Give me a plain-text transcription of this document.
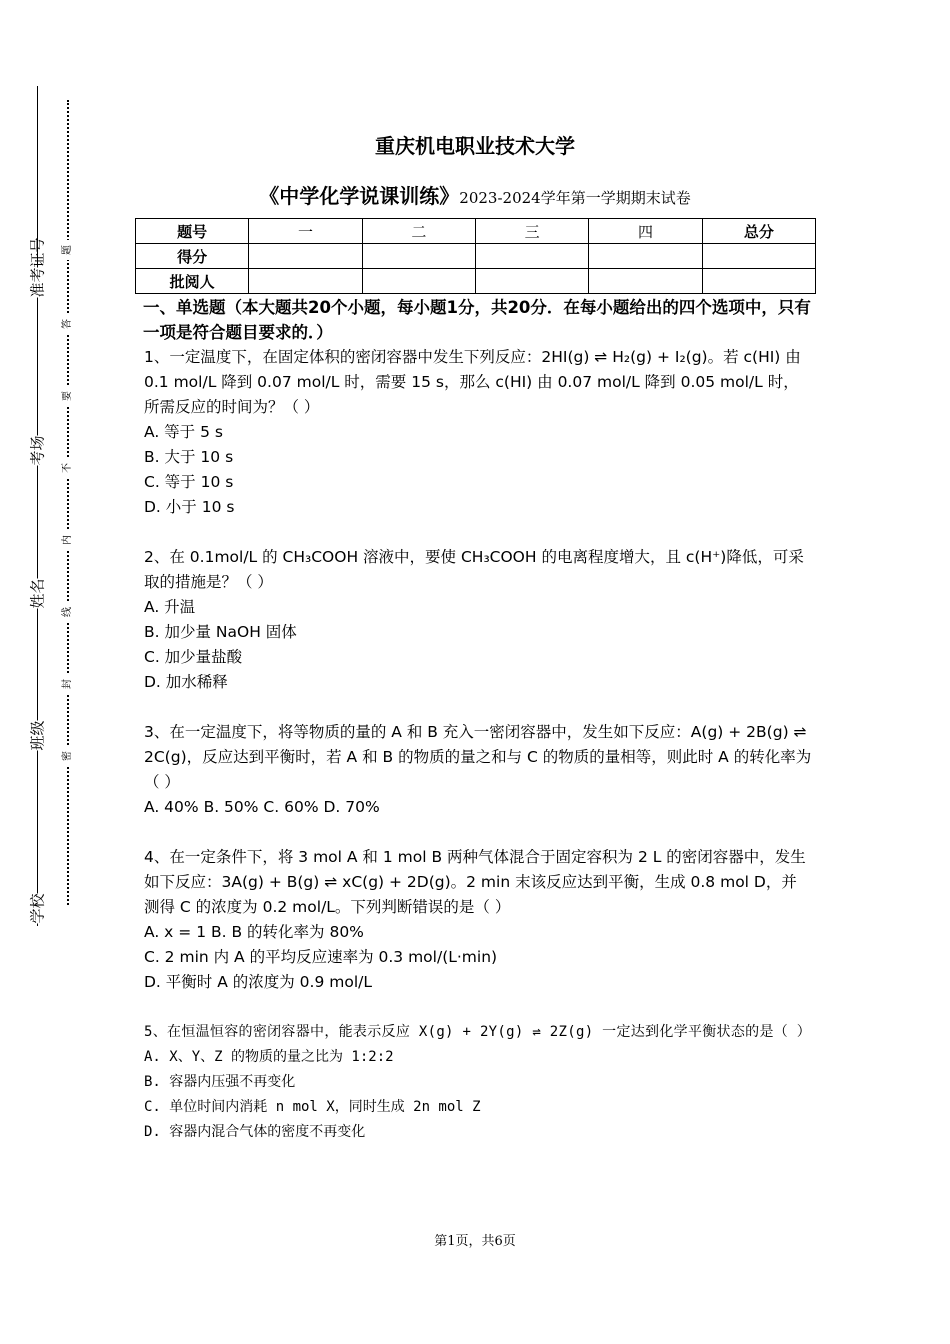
准考证号
考场
姓名
班级
学校
题
答
要
不
内
线
封
密
重庆机电职业技术大学
《中学化学说课训练》2023-2024学年第一学期期末试卷
题号	一	二	三	四	总分
得分					
批阅人					
一、单选题（本大题共20个小题，每小题1分，共20分．在每小题给出的四个选项中，只有一项是符合题目要求的．）

1、一定温度下，在固定体积的密闭容器中发生下列反应：2HI(g) ⇌ H₂(g) + I₂(g)。若 c(HI) 由 0.1 mol/L 降到 0.07 mol/L 时，需要 15 s，那么 c(HI) 由 0.07 mol/L 降到 0.05 mol/L 时，所需反应的时间为？（ ）

A. 等于 5 s

B. 大于 10 s

C. 等于 10 s

D. 小于 10 s

2、在 0.1mol/L 的 CH₃COOH 溶液中，要使 CH₃COOH 的电离程度增大，且 c(H⁺)降低，可采取的措施是？（ ）

A. 升温

B. 加少量 NaOH 固体

C. 加少量盐酸

D. 加水稀释

3、在一定温度下，将等物质的量的 A 和 B 充入一密闭容器中，发生如下反应：A(g) + 2B(g) ⇌ 2C(g)，反应达到平衡时，若 A 和 B 的物质的量之和与 C 的物质的量相等，则此时 A 的转化率为（ ）

A. 40% B. 50% C. 60% D. 70%

4、在一定条件下，将 3 mol A 和 1 mol B 两种气体混合于固定容积为 2 L 的密闭容器中，发生如下反应：3A(g) + B(g) ⇌ xC(g) + 2D(g)。2 min 末该反应达到平衡，生成 0.8 mol D，并测得 C 的浓度为 0.2 mol/L。下列判断错误的是（ ）

A. x = 1 B. B 的转化率为 80%

C. 2 min 内 A 的平均反应速率为 0.3 mol/(L·min)

D. 平衡时 A 的浓度为 0.9 mol/L

5、在恒温恒容的密闭容器中，能表示反应 X(g) + 2Y(g) ⇌ 2Z(g) 一定达到化学平衡状态的是（ ）

A. X、Y、Z 的物质的量之比为 1:2:2

B. 容器内压强不再变化

C. 单位时间内消耗 n mol X，同时生成 2n mol Z

D. 容器内混合气体的密度不再变化

第1页，共6页
